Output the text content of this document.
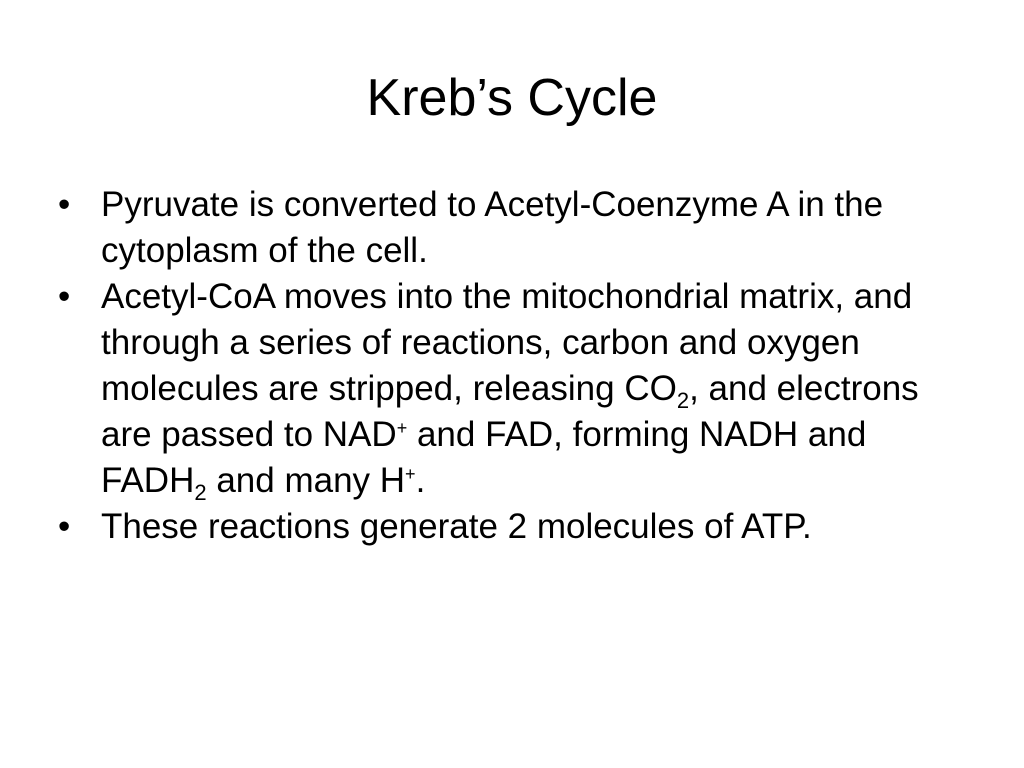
Kreb’s Cycle
• Pyruvate is converted to Acetyl-Coenzyme A in the cytoplasm of the cell.
• Acetyl-CoA moves into the mitochondrial matrix, and through a series of reactions, carbon and oxygen molecules are stripped, releasing $CO_2$, and electrons are passed to NAD+ and FAD, forming NADH and $FADH_2$ and many H+.
• These reactions generate 2 molecules of ATP.
